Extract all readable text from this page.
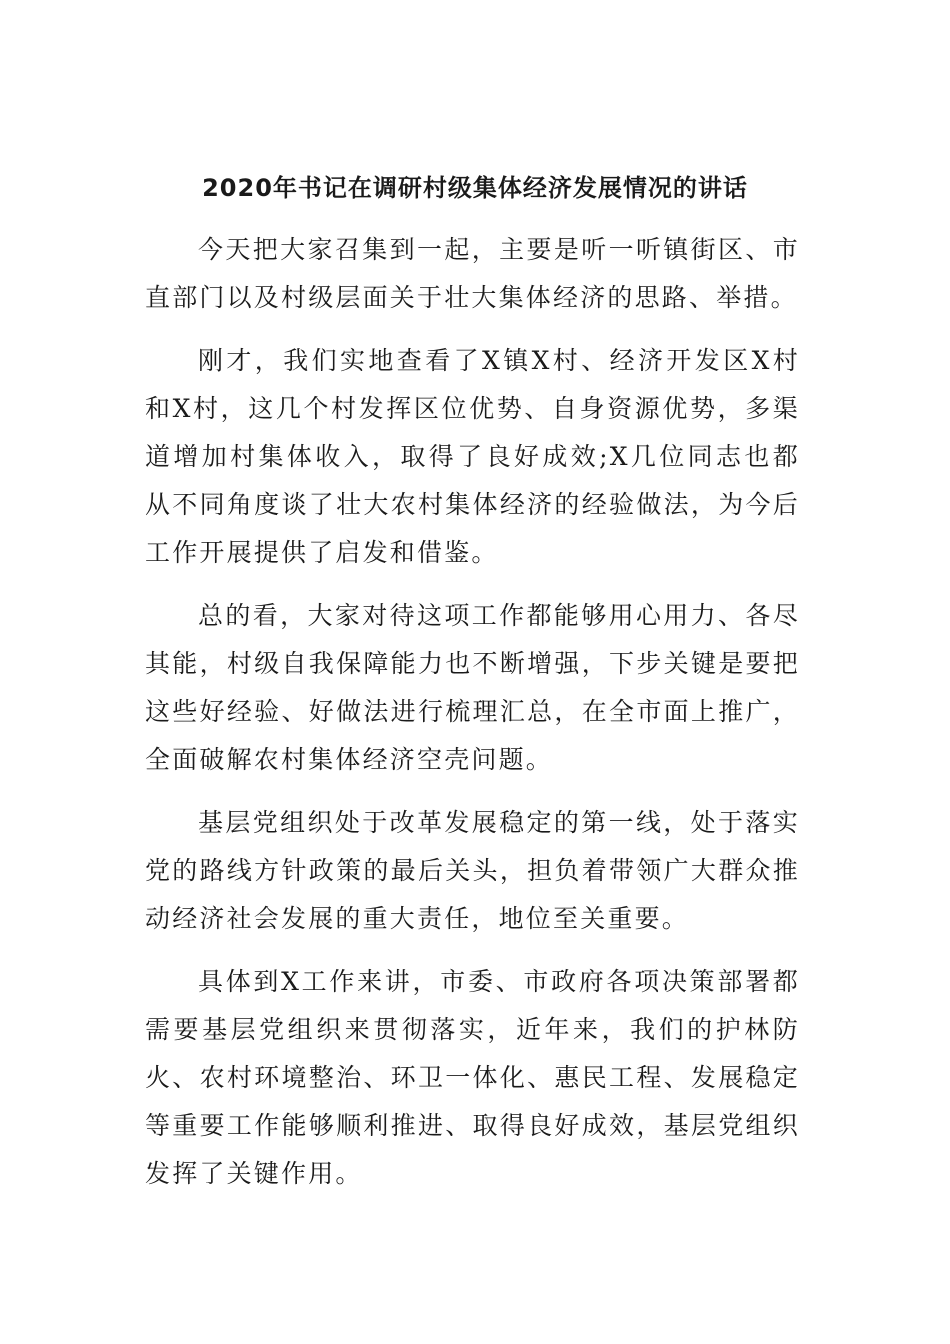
2020年书记在调研村级集体经济发展情况的讲话

今天把大家召集到一起，主要是听一听镇街区、市直部门以及村级层面关于壮大集体经济的思路、举措。

刚才，我们实地查看了X镇X村、经济开发区X村和X村，这几个村发挥区位优势、自身资源优势，多渠道增加村集体收入，取得了良好成效;X几位同志也都从不同角度谈了壮大农村集体经济的经验做法，为今后工作开展提供了启发和借鉴。

总的看，大家对待这项工作都能够用心用力、各尽其能，村级自我保障能力也不断增强，下步关键是要把这些好经验、好做法进行梳理汇总，在全市面上推广，全面破解农村集体经济空壳问题。

基层党组织处于改革发展稳定的第一线，处于落实党的路线方针政策的最后关头，担负着带领广大群众推动经济社会发展的重大责任，地位至关重要。

具体到X工作来讲，市委、市政府各项决策部署都需要基层党组织来贯彻落实，近年来，我们的护林防火、农村环境整治、环卫一体化、惠民工程、发展稳定等重要工作能够顺利推进、取得良好成效，基层党组织发挥了关键作用。
